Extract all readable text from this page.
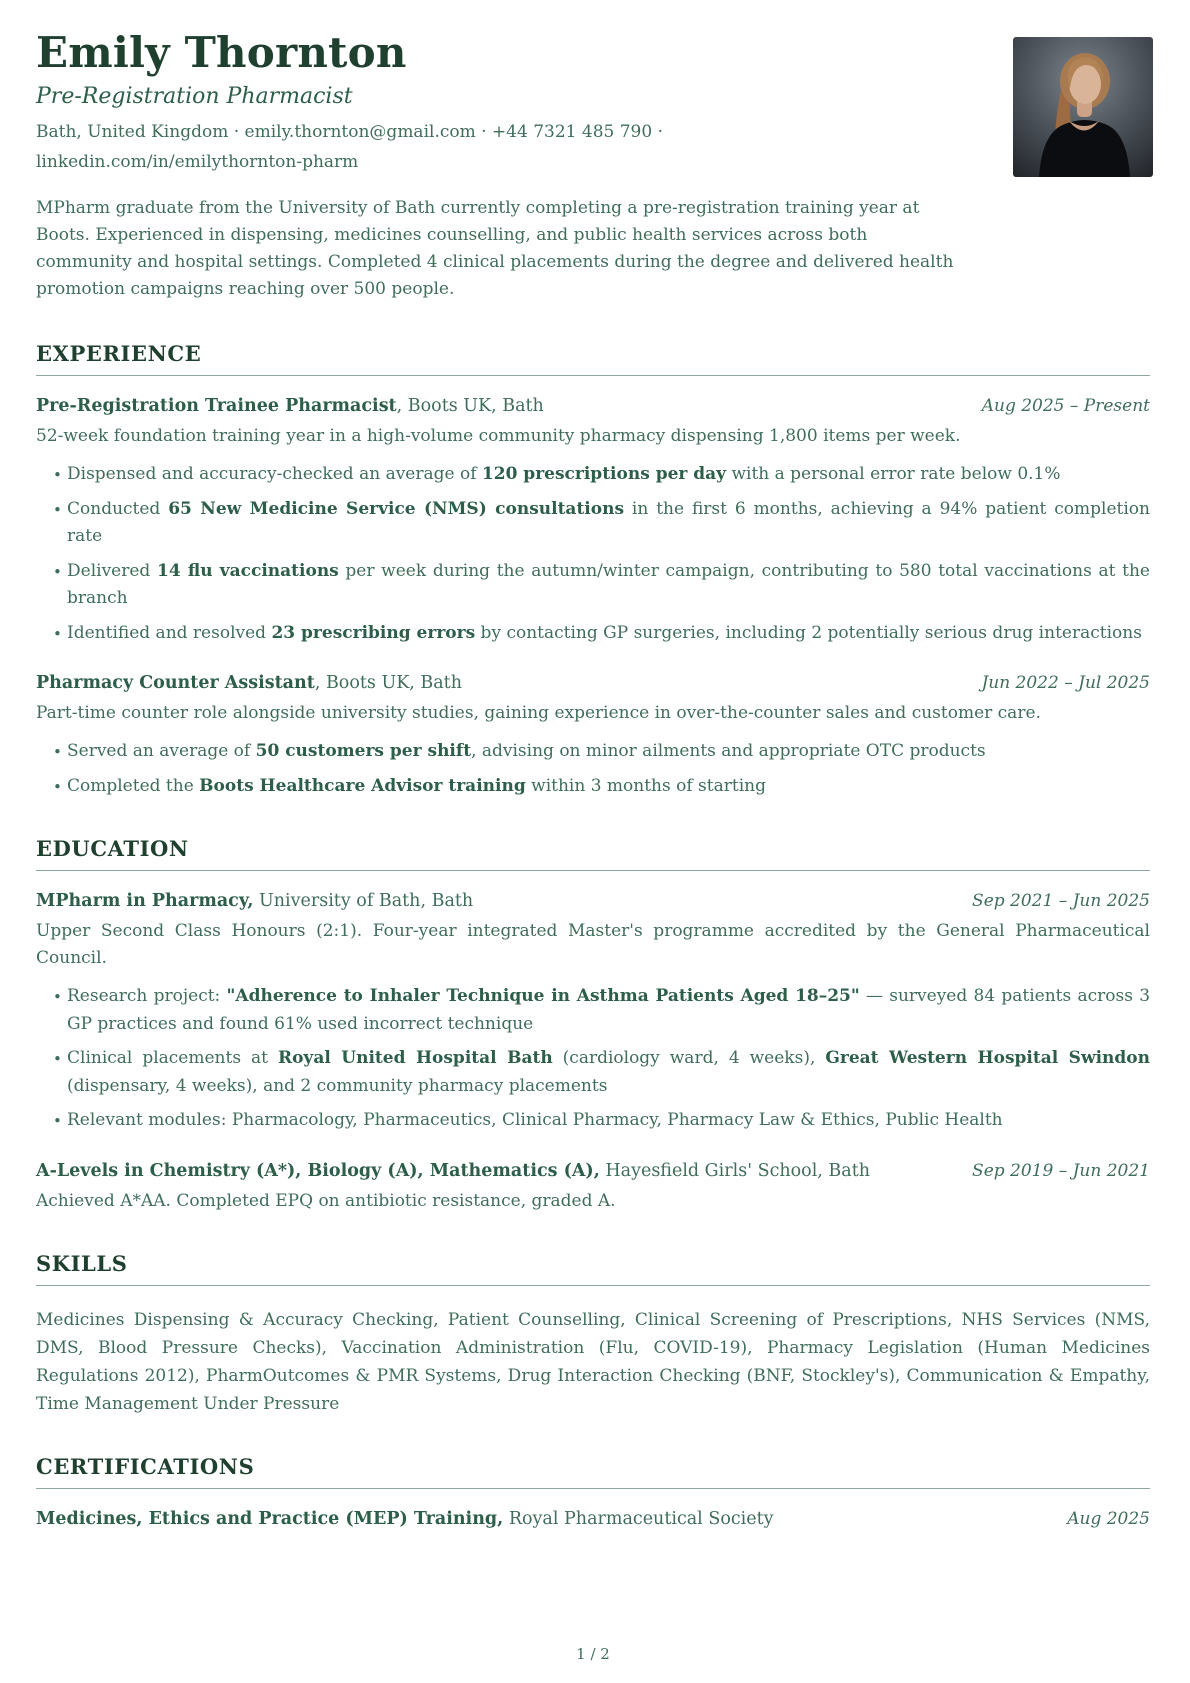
Emily Thornton
Pre-Registration Pharmacist
Bath, United Kingdom · emily.thornton@gmail.com · +44 7321 485 790 ·
linkedin.com/in/emilythornton-pharm

MPharm graduate from the University of Bath currently completing a pre-registration training year at Boots. Experienced in dispensing, medicines counselling, and public health services across both community and hospital settings. Completed 4 clinical placements during the degree and delivered health promotion campaigns reaching over 500 people.

EXPERIENCE
Pre-Registration Trainee Pharmacist, Boots UK, Bath	Aug 2025 – Present

52-week foundation training year in a high-volume community pharmacy dispensing 1,800 items per week.

• Dispensed and accuracy-checked an average of 120 prescriptions per day with a personal error rate below 0.1%
• Conducted 65 New Medicine Service (NMS) consultations in the first 6 months, achieving a 94% patient completion rate
• Delivered 14 flu vaccinations per week during the autumn/winter campaign, contributing to 580 total vaccinations at the branch
• Identified and resolved 23 prescribing errors by contacting GP surgeries, including 2 potentially serious drug interactions
Pharmacy Counter Assistant, Boots UK, Bath	Jun 2022 – Jul 2025

Part-time counter role alongside university studies, gaining experience in over-the-counter sales and customer care.

• Served an average of 50 customers per shift, advising on minor ailments and appropriate OTC products
• Completed the Boots Healthcare Advisor training within 3 months of starting
EDUCATION
MPharm in Pharmacy, University of Bath, Bath	Sep 2021 – Jun 2025

Upper Second Class Honours (2:1). Four-year integrated Master's programme accredited by the General Pharmaceutical Council.

• Research project: "Adherence to Inhaler Technique in Asthma Patients Aged 18–25" — surveyed 84 patients across 3 GP practices and found 61% used incorrect technique
• Clinical placements at Royal United Hospital Bath (cardiology ward, 4 weeks), Great Western Hospital Swindon (dispensary, 4 weeks), and 2 community pharmacy placements
• Relevant modules: Pharmacology, Pharmaceutics, Clinical Pharmacy, Pharmacy Law & Ethics, Public Health
A-Levels in Chemistry (A*), Biology (A), Mathematics (A), Hayesfield Girls' School, Bath	Sep 2019 – Jun 2021

Achieved A*AA. Completed EPQ on antibiotic resistance, graded A.

SKILLS

Medicines Dispensing & Accuracy Checking, Patient Counselling, Clinical Screening of Prescriptions, NHS Services (NMS, DMS, Blood Pressure Checks), Vaccination Administration (Flu, COVID-19), Pharmacy Legislation (Human Medicines Regulations 2012), PharmOutcomes & PMR Systems, Drug Interaction Checking (BNF, Stockley's), Communication & Empathy, Time Management Under Pressure

CERTIFICATIONS
Medicines, Ethics and Practice (MEP) Training, Royal Pharmaceutical Society	Aug 2025
1 / 2
